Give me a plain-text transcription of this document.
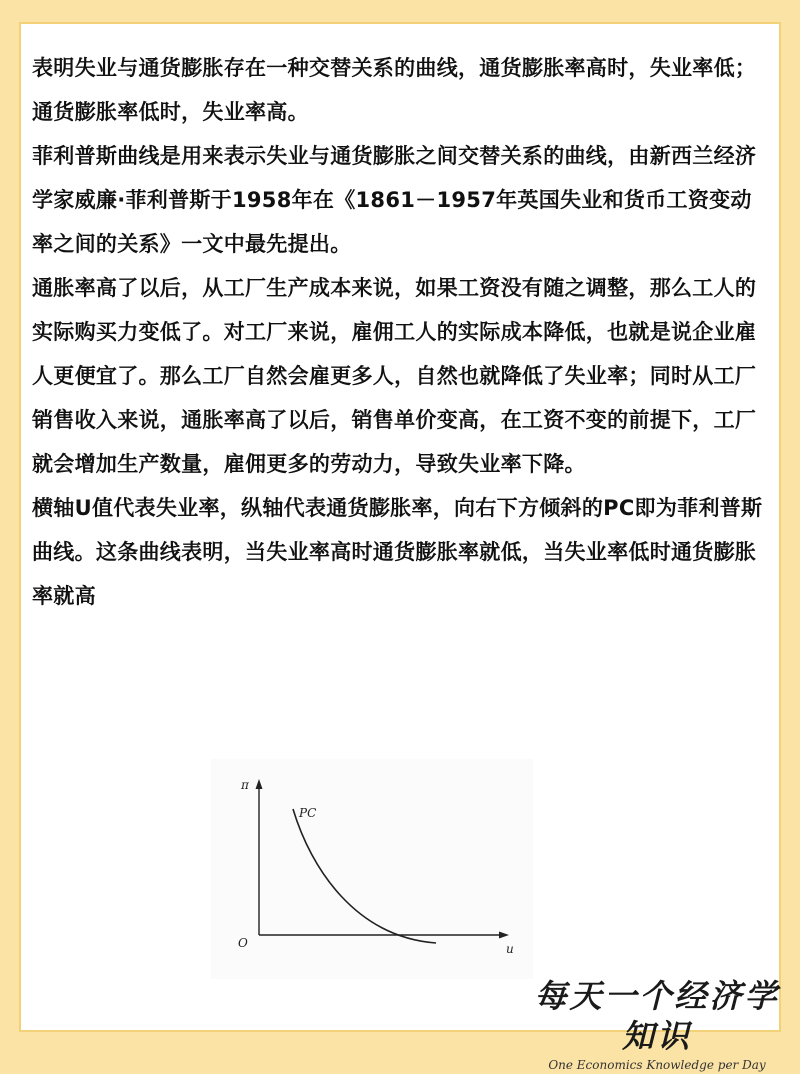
表明失业与通货膨胀存在一种交替关系的曲线，通货膨胀率高时，失业率低；通货膨胀率低时，失业率高。

菲利普斯曲线是用来表示失业与通货膨胀之间交替关系的曲线，由新西兰经济学家威廉·菲利普斯于1958年在《1861－1957年英国失业和货币工资变动率之间的关系》一文中最先提出。

通胀率高了以后，从工厂生产成本来说，如果工资没有随之调整，那么工人的实际购买力变低了。对工厂来说，雇佣工人的实际成本降低，也就是说企业雇人更便宜了。那么工厂自然会雇更多人，自然也就降低了失业率；同时从工厂销售收入来说，通胀率高了以后，销售单价变高，在工资不变的前提下，工厂就会增加生产数量，雇佣更多的劳动力，导致失业率下降。

横轴U值代表失业率，纵轴代表通货膨胀率，向右下方倾斜的PC即为菲利普斯曲线。这条曲线表明，当失业率高时通货膨胀率就低，当失业率低时通货膨胀率就高

π
u
O
PC
每天一个经济学知识
One Economics Knowledge per Day
